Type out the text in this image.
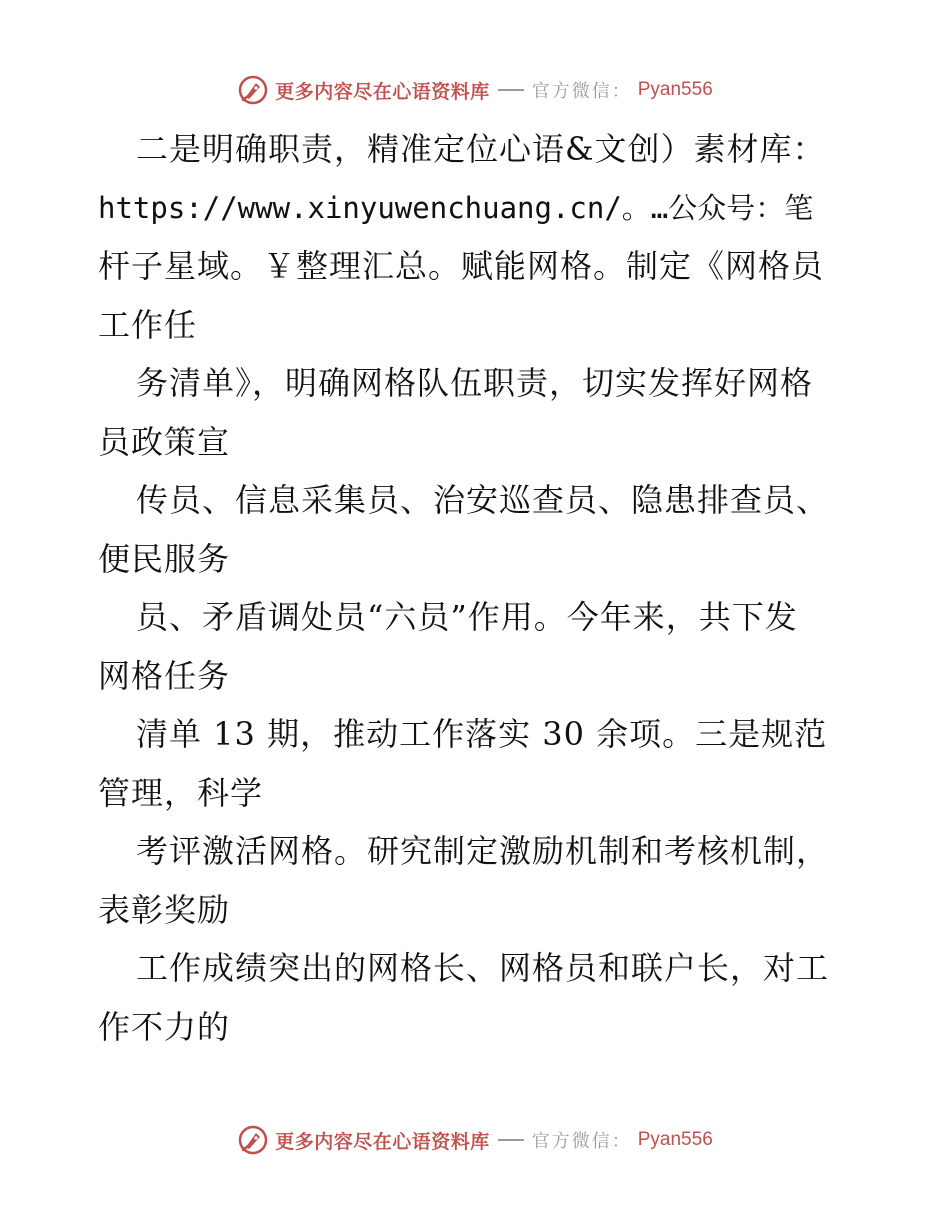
更多内容尽在心语资料库 官方微信： Pyan556
二是明确职责，精准定位心语&文创）素材库：
https://www.xinyuwenchuang.cn/。…公众号：笔
杆子星域。￥整理汇总。赋能网格。制定《网格员
工作任
务清单》，明确网格队伍职责，切实发挥好网格
员政策宣
传员、信息采集员、治安巡查员、隐患排查员、
便民服务
员、矛盾调处员“六员”作用。今年来，共下发
网格任务
清单 13 期，推动工作落实 30 余项。三是规范
管理，科学
考评激活网格。研究制定激励机制和考核机制，
表彰奖励
工作成绩突出的网格长、网格员和联户长，对工
作不力的
更多内容尽在心语资料库 官方微信： Pyan556
